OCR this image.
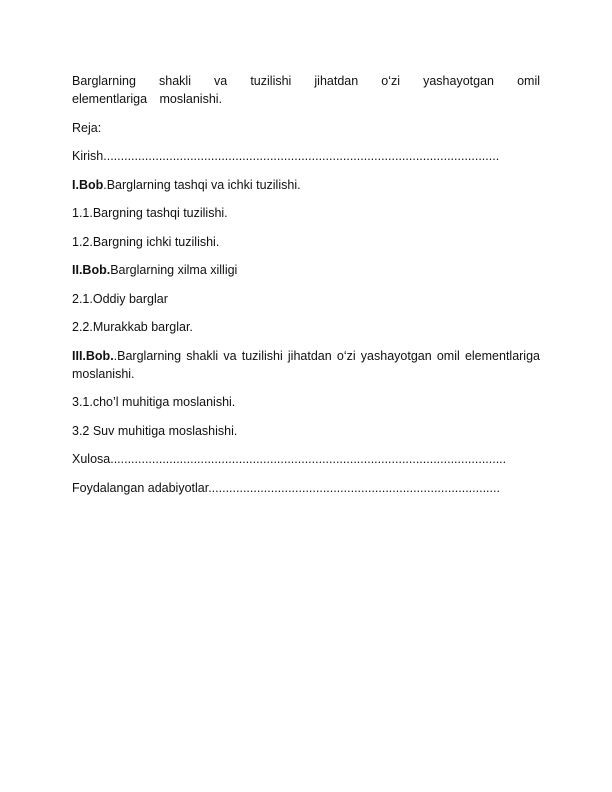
Barglarning shakli va tuzilishi jihatdan o‘zi yashayotgan omil elementlariga moslanishi.
Reja:
Kirish..................................................................................................................
I.Bob.Barglarning tashqi va ichki tuzilishi.
1.1.Bargning tashqi tuzilishi.
1.2.Bargning ichki tuzilishi.
II.Bob.Barglarning xilma xilligi
2.1.Oddiy barglar
2.2.Murakkab barglar.
III.Bob..Barglarning shakli va tuzilishi jihatdan o‘zi yashayotgan omil elementlariga moslanishi.
3.1.cho’l muhitiga moslanishi.
3.2 Suv muhitiga moslashishi.
Xulosa..................................................................................................................
Foydalangan adabiyotlar....................................................................................
